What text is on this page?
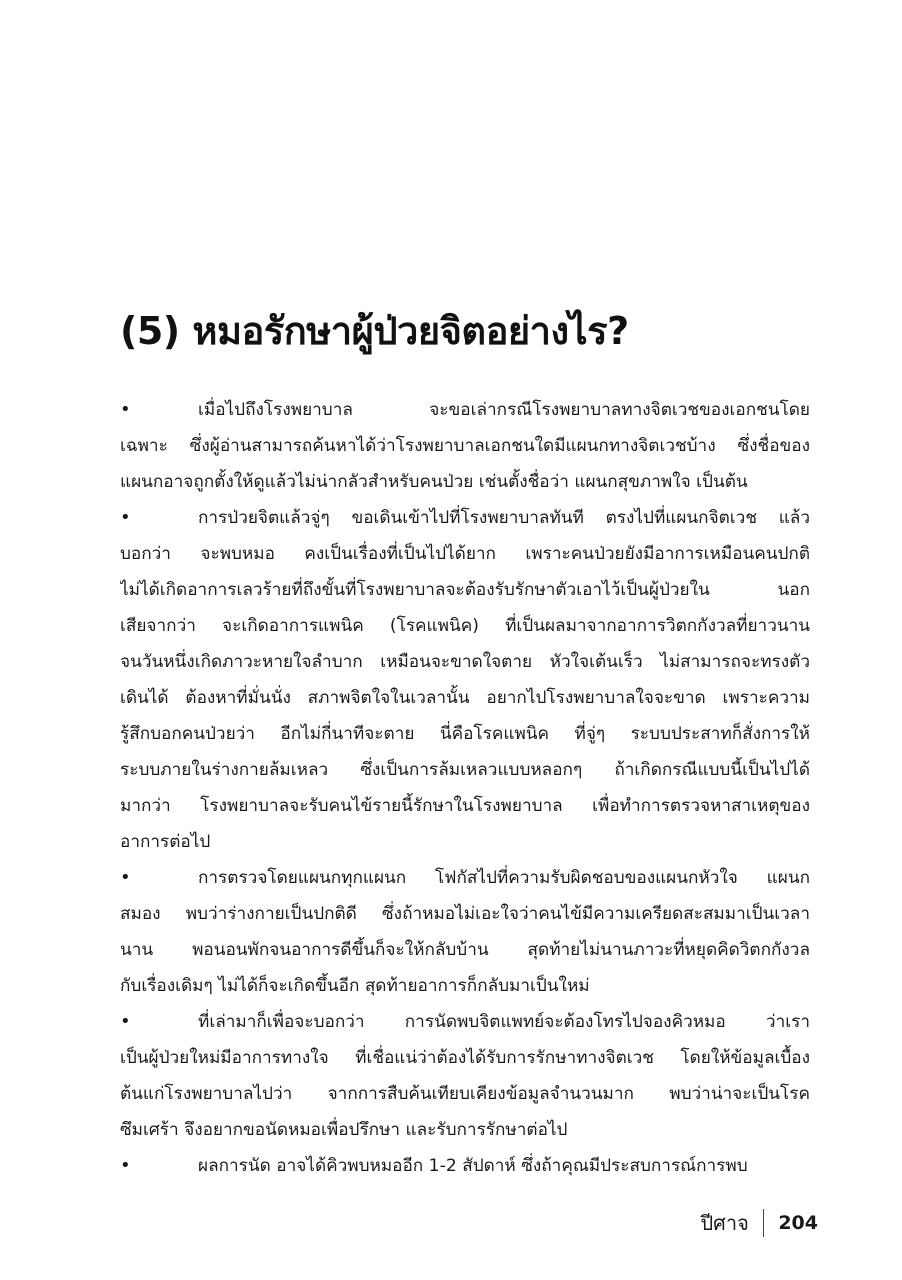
(5) หมอรักษาผู้ป่วยจิตอย่างไร?
•	เมื่อไปถึงโรงพยาบาล จะขอเล่ากรณีโรงพยาบาลทางจิตเวชของเอกชนโดย
เฉพาะ ซึ่งผู้อ่านสามารถค้นหาได้ว่าโรงพยาบาลเอกชนใดมีแผนกทางจิตเวชบ้าง ซึ่งชื่อของ
แผนกอาจถูกตั้งให้ดูแล้วไม่น่ากลัวสำหรับคนป่วย เช่นตั้งชื่อว่า แผนกสุขภาพใจ เป็นต้น
•	การป่วยจิตแล้วจู่ๆ ขอเดินเข้าไปที่โรงพยาบาลทันที ตรงไปที่แผนกจิตเวช แล้ว
บอกว่า จะพบหมอ คงเป็นเรื่องที่เป็นไปได้ยาก เพราะคนป่วยยังมีอาการเหมือนคนปกติ
ไม่ได้เกิดอาการเลวร้ายที่ถึงขั้นที่โรงพยาบาลจะต้องรับรักษาตัวเอาไว้เป็นผู้ป่วยใน นอก
เสียจากว่า จะเกิดอาการแพนิค (โรคแพนิค) ที่เป็นผลมาจากอาการวิตกกังวลที่ยาวนาน
จนวันหนึ่งเกิดภาวะหายใจลำบาก เหมือนจะขาดใจตาย หัวใจเต้นเร็ว ไม่สามารถจะทรงตัว
เดินได้ ต้องหาที่มั่นนั่ง สภาพจิตใจในเวลานั้น อยากไปโรงพยาบาลใจจะขาด เพราะความ
รู้สึกบอกคนป่วยว่า อีกไม่กี่นาทีจะตาย นี่คือโรคแพนิค ที่จู่ๆ ระบบประสาทก็สั่งการให้
ระบบภายในร่างกายล้มเหลว ซึ่งเป็นการล้มเหลวแบบหลอกๆ ถ้าเกิดกรณีแบบนี้เป็นไปได้
มากว่า โรงพยาบาลจะรับคนไข้รายนี้รักษาในโรงพยาบาล เพื่อทำการตรวจหาสาเหตุของ
อาการต่อไป
•	การตรวจโดยแผนกทุกแผนก โฟกัสไปที่ความรับผิดชอบของแผนกหัวใจ แผนก
สมอง พบว่าร่างกายเป็นปกติดี ซึ่งถ้าหมอไม่เอะใจว่าคนไข้มีความเครียดสะสมมาเป็นเวลา
นาน พอนอนพักจนอาการดีขึ้นก็จะให้กลับบ้าน สุดท้ายไม่นานภาวะที่หยุดคิดวิตกกังวล
กับเรื่องเดิมๆ ไม่ได้ก็จะเกิดขึ้นอีก สุดท้ายอาการก็กลับมาเป็นใหม่
•	ที่เล่ามาก็เพื่อจะบอกว่า การนัดพบจิตแพทย์จะต้องโทรไปจองคิวหมอ ว่าเรา
เป็นผู้ป่วยใหม่มีอาการทางใจ ที่เชื่อแน่ว่าต้องได้รับการรักษาทางจิตเวช โดยให้ข้อมูลเบื้อง
ต้นแก่โรงพยาบาลไปว่า จากการสืบค้นเทียบเคียงข้อมูลจำนวนมาก พบว่าน่าจะเป็นโรค
ซึมเศร้า จึงอยากขอนัดหมอเพื่อปรึกษา และรับการรักษาต่อไป
•	ผลการนัด อาจได้คิวพบหมออีก 1-2 สัปดาห์ ซึ่งถ้าคุณมีประสบการณ์การพบ
ปีศาจ 204
